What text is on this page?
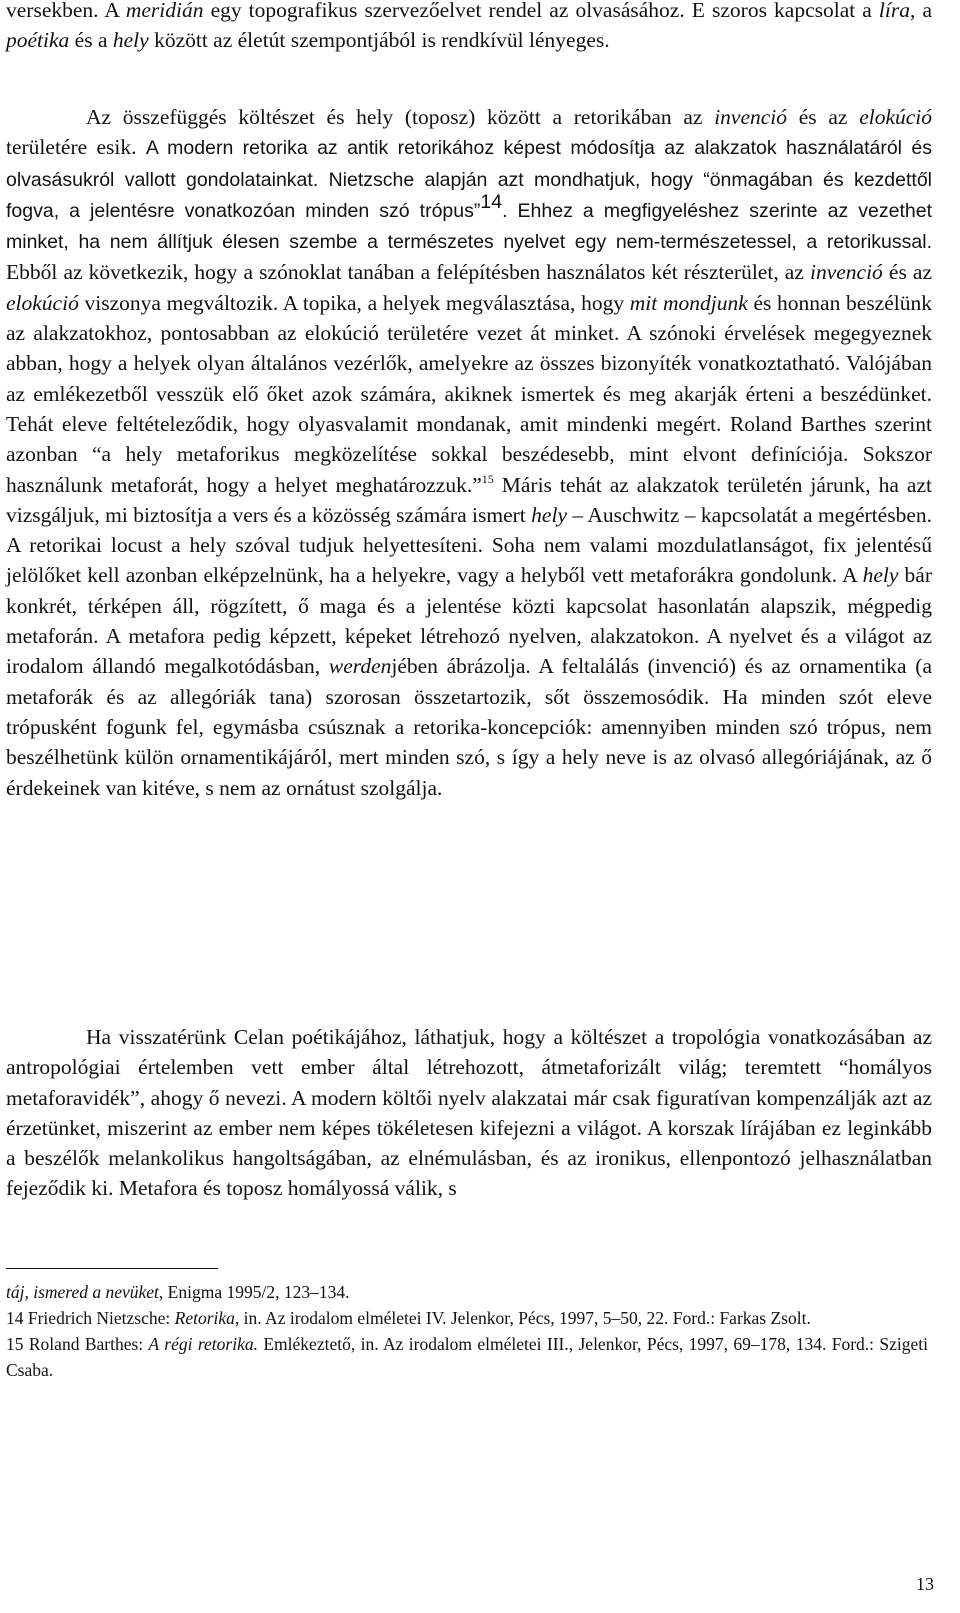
versekben. A meridián egy topografikus szervezőelvet rendel az olvasásához. E szoros kapcsolat a líra, a poétika és a hely között az életút szempontjából is rendkívül lényeges.

Az összefüggés költészet és hely (toposz) között a retorikában az invenció és az elokúció területére esik. A modern retorika az antik retorikához képest módosítja az alakzatok használatáról és olvasásukról vallott gondolatainkat. Nietzsche alapján azt mondhatjuk, hogy “önmagában és kezdettől fogva, a jelentésre vonatkozóan minden szó trópus”$^{14}$. Ehhez a megfigyeléshez szerinte az vezethet minket, ha nem állítjuk élesen szembe a természetes nyelvet egy nem-természetessel, a retorikussal. Ebből az következik, hogy a szónoklat tanában a felépítésben használatos két részterület, az invenció és az elokúció viszonya megváltozik. A topika, a helyek megválasztása, hogy mit mondjunk és honnan beszélünk az alakzatokhoz, pontosabban az elokúció területére vezet át minket. A szónoki érvelések megegyeznek abban, hogy a helyek olyan általános vezérlők, amelyekre az összes bizonyíték vonatkoztatható. Valójában az emlékezetből vesszük elő őket azok számára, akiknek ismertek és meg akarják érteni a beszédünket. Tehát eleve feltételeződik, hogy olyasvalamit mondanak, amit mindenki megért. Roland Barthes szerint azonban “a hely metaforikus megközelítése sokkal beszédesebb, mint elvont definíciója. Sokszor használunk metaforát, hogy a helyet meghatározzuk.”$^{15}$ Máris tehát az alakzatok területén járunk, ha azt vizsgáljuk, mi biztosítja a vers és a közösség számára ismert hely – Auschwitz – kapcsolatát a megértésben. A retorikai locust a hely szóval tudjuk helyettesíteni. Soha nem valami mozdulatlanságot, fix jelentésű jelölőket kell azonban elképzelnünk, ha a helyekre, vagy a helyből vett metaforákra gondolunk. A hely bár konkrét, térképen áll, rögzített, ő maga és a jelentése közti kapcsolat hasonlatán alapszik, mégpedig metaforán. A metafora pedig képzett, képeket létrehozó nyelven, alakzatokon. A nyelvet és a világot az irodalom állandó megalkotódásban, werdenjében ábrázolja. A feltalálás (invenció) és az ornamentika (a metaforák és az allegóriák tana) szorosan összetartozik, sőt összemosódik. Ha minden szót eleve trópusként fogunk fel, egymásba csúsznak a retorika-koncepciók: amennyiben minden szó trópus, nem beszélhetünk külön ornamentikájáról, mert minden szó, s így a hely neve is az olvasó allegóriájának, az ő érdekeinek van kitéve, s nem az ornátust szolgálja.

Ha visszatérünk Celan poétikájához, láthatjuk, hogy a költészet a tropológia vonatkozásában az antropológiai értelemben vett ember által létrehozott, átmetaforizált világ; teremtett “homályos metaforavidék”, ahogy ő nevezi. A modern költői nyelv alakzatai már csak figuratívan kompenzálják azt az érzetünket, miszerint az ember nem képes tökéletesen kifejezni a világot. A korszak lírájában ez leginkább a beszélők melankolikus hangoltságában, az elnémulásban, és az ironikus, ellenpontozó jelhasználatban fejeződik ki. Metafora és toposz homályossá válik, s

táj, ismered a nevüket, Enigma 1995/2, 123–134.

14 Friedrich Nietzsche: Retorika, in. Az irodalom elméletei IV. Jelenkor, Pécs, 1997, 5–50, 22. Ford.: Farkas Zsolt.

15 Roland Barthes: A régi retorika. Emlékeztető, in. Az irodalom elméletei III., Jelenkor, Pécs, 1997, 69–178, 134. Ford.: Szigeti Csaba.

13
